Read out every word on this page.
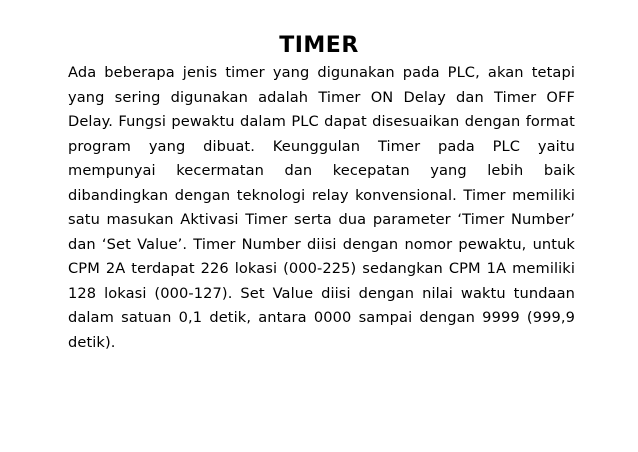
TIMER

Ada beberapa jenis timer yang digunakan pada PLC, akan tetapi yang sering digunakan adalah Timer ON Delay dan Timer OFF Delay. Fungsi pewaktu dalam PLC dapat disesuaikan dengan format program yang dibuat. Keunggulan Timer pada PLC yaitu mempunyai kecermatan dan kecepatan yang lebih baik dibandingkan dengan teknologi relay konvensional. Timer memiliki satu masukan Aktivasi Timer serta dua parameter ‘Timer Number’ dan ‘Set Value’. Timer Number diisi dengan nomor pewaktu, untuk CPM 2A terdapat 226 lokasi (000-225) sedangkan CPM 1A memiliki 128 lokasi (000-127). Set Value diisi dengan nilai waktu tundaan dalam satuan 0,1 detik, antara 0000 sampai dengan 9999 (999,9 detik).
